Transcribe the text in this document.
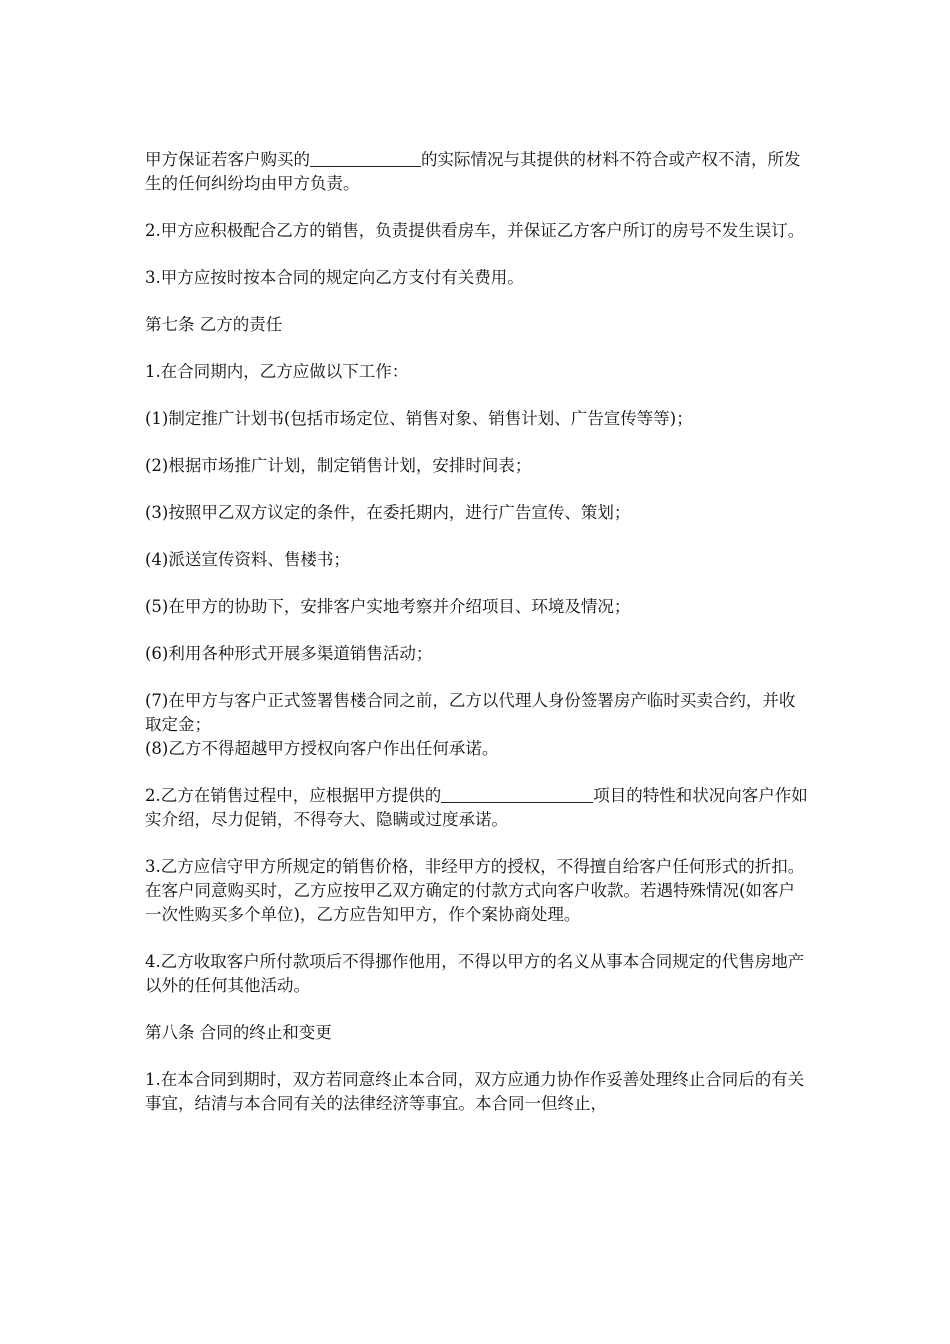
甲方保证若客户购买的	的实际情况与其提供的材料不符合或产权不清，所发生的任何纠纷均由甲方负责。

2.甲方应积极配合乙方的销售，负责提供看房车，并保证乙方客户所订的房号不发生误订。

3.甲方应按时按本合同的规定向乙方支付有关费用。

第七条 乙方的责任

1.在合同期内，乙方应做以下工作：

(1)制定推广计划书(包括市场定位、销售对象、销售计划、广告宣传等等)；

(2)根据市场推广计划，制定销售计划，安排时间表；

(3)按照甲乙双方议定的条件，在委托期内，进行广告宣传、策划；

(4)派送宣传资料、售楼书；

(5)在甲方的协助下，安排客户实地考察并介绍项目、环境及情况；

(6)利用各种形式开展多渠道销售活动；

(7)在甲方与客户正式签署售楼合同之前，乙方以代理人身份签署房产临时买卖合约，并收取定金；

(8)乙方不得超越甲方授权向客户作出任何承诺。

2.乙方在销售过程中，应根据甲方提供的	项目的特性和状况向客户作如实介绍，尽力促销，不得夸大、隐瞒或过度承诺。

3.乙方应信守甲方所规定的销售价格，非经甲方的授权，不得擅自给客户任何形式的折扣。在客户同意购买时，乙方应按甲乙双方确定的付款方式向客户收款。若遇特殊情况(如客户一次性购买多个单位)，乙方应告知甲方，作个案协商处理。

4.乙方收取客户所付款项后不得挪作他用，不得以甲方的名义从事本合同规定的代售房地产以外的任何其他活动。

第八条 合同的终止和变更

1.在本合同到期时，双方若同意终止本合同，双方应通力协作作妥善处理终止合同后的有关事宜，结清与本合同有关的法律经济等事宜。本合同一但终止，
